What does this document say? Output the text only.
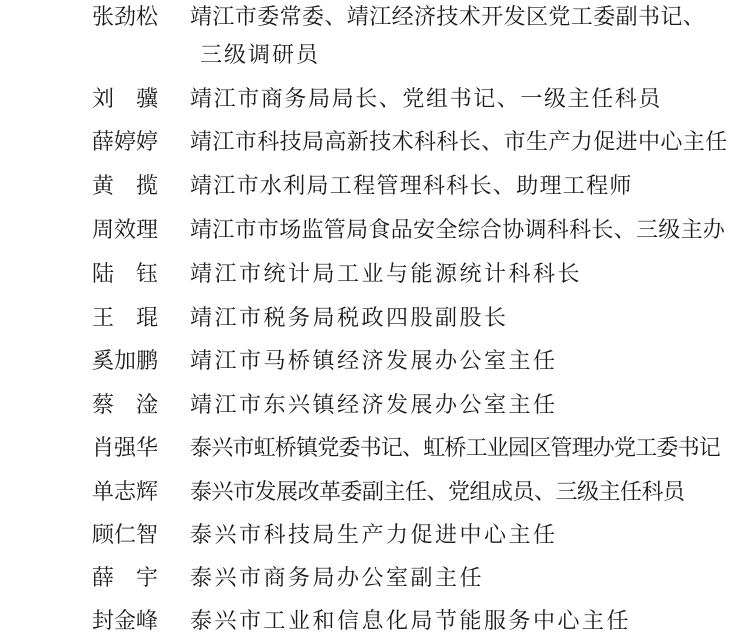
张劲松 靖江市委常委、靖江经济技术开发区党工委副书记、
三级调研员
刘骥 靖江市商务局局长、党组书记、一级主任科员
薛婷婷 靖江市科技局高新技术科科长、市生产力促进中心主任
黄揽 靖江市水利局工程管理科科长、助理工程师
周效理 靖江市市场监管局食品安全综合协调科科长、三级主办
陆钰 靖江市统计局工业与能源统计科科长
王琨 靖江市税务局税政四股副股长
奚加鹏 靖江市马桥镇经济发展办公室主任
蔡淦 靖江市东兴镇经济发展办公室主任
肖强华 泰兴市虹桥镇党委书记、虹桥工业园区管理办党工委书记
单志辉 泰兴市发展改革委副主任、党组成员、三级主任科员
顾仁智 泰兴市科技局生产力促进中心主任
薛宇 泰兴市商务局办公室副主任
封金峰 泰兴市工业和信息化局节能服务中心主任
